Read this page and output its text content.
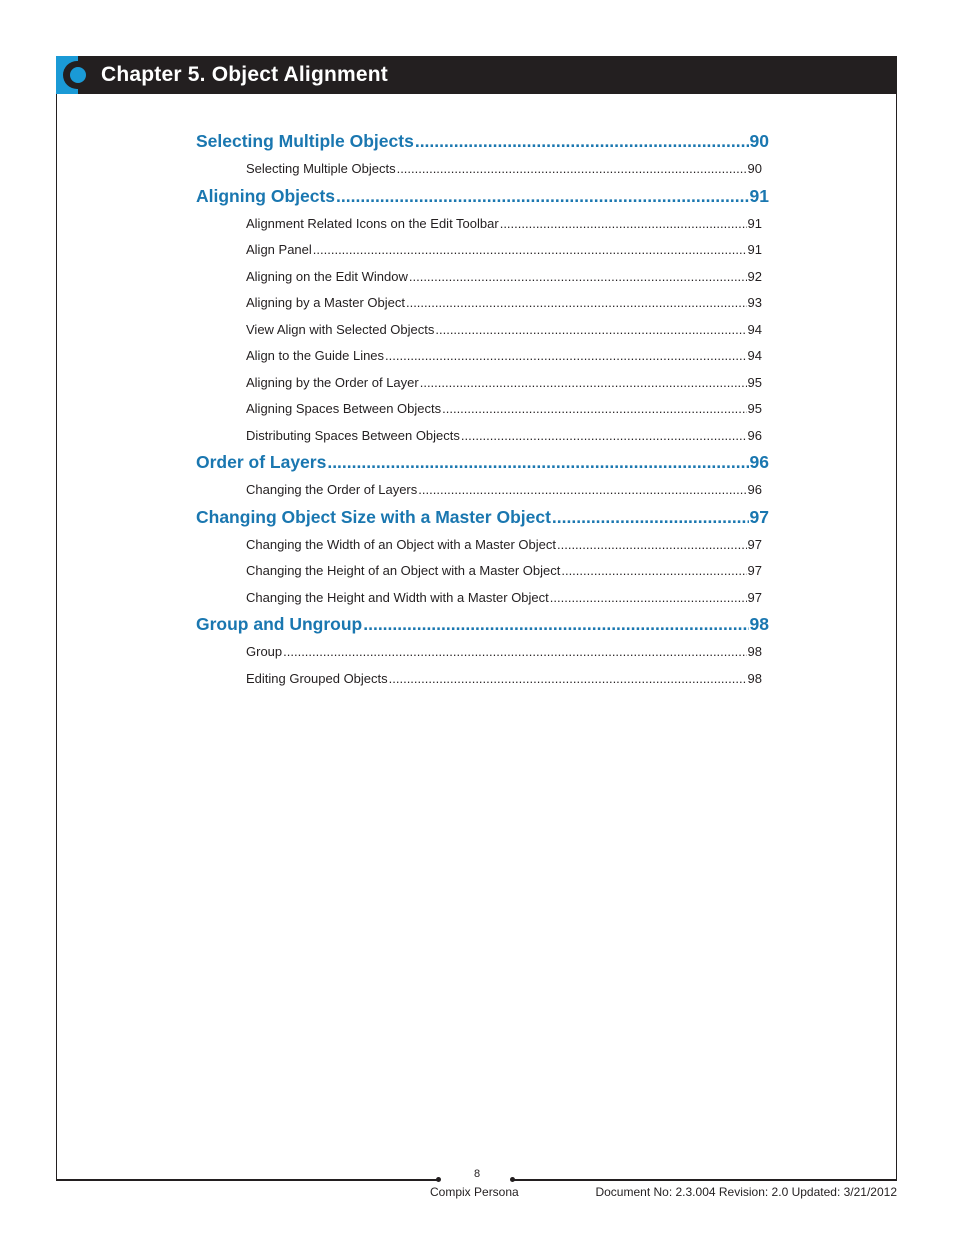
Chapter 5. Object Alignment
Selecting Multiple Objects .....	90
Selecting Multiple Objects .....	90
Aligning Objects .....	91
Alignment Related Icons on the Edit Toolbar .....	91
Align Panel .....	91
Aligning on the Edit Window .....	92
Aligning by a Master Object .....	93
View Align with Selected Objects .....	94
Align to the Guide Lines .....	94
Aligning by the Order of Layer .....	95
Aligning Spaces Between Objects .....	95
Distributing Spaces Between Objects .....	96
Order of Layers .....	96
Changing the Order of Layers .....	96
Changing Object Size with a Master Object .....	97
Changing the Width of an Object with a Master Object .....	97
Changing the Height of an Object with a Master Object .....	97
Changing the Height and Width with a Master Object .....	97
Group and Ungroup .....	98
Group .....	98
Editing Grouped Objects .....	98
8
Compix Persona	Document No: 2.3.004 Revision: 2.0 Updated: 3/21/2012
